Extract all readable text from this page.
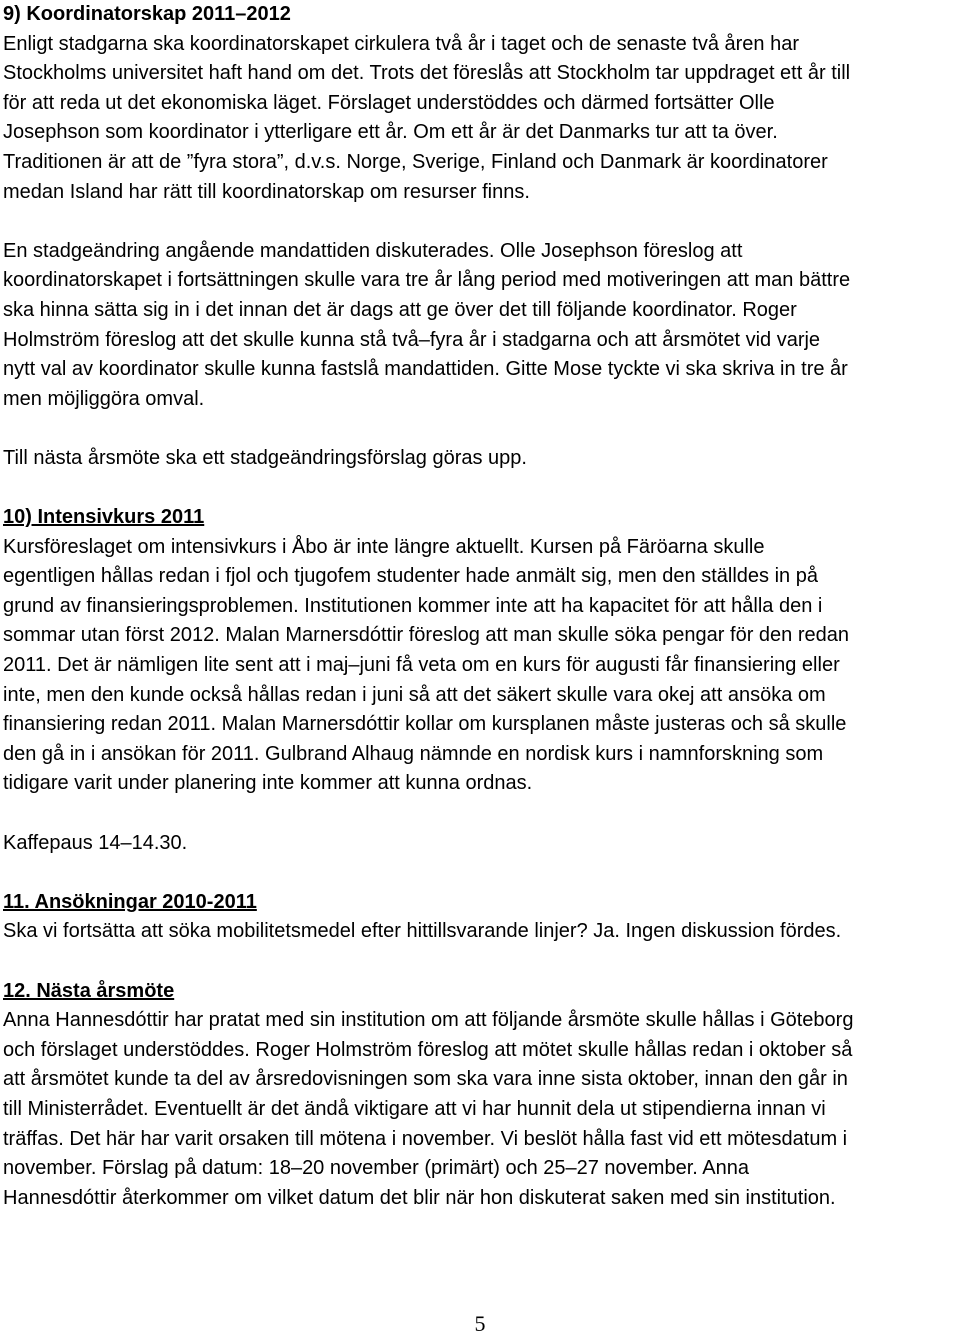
9) Koordinatorskap 2011–2012

Enligt stadgarna ska koordinatorskapet cirkulera två år i taget och de senaste två åren har

Stockholms universitet haft hand om det. Trots det föreslås att Stockholm tar uppdraget ett år till

för att reda ut det ekonomiska läget. Förslaget understöddes och därmed fortsätter Olle

Josephson som koordinator i ytterligare ett år. Om ett år är det Danmarks tur att ta över.

Traditionen är att de ”fyra stora”, d.v.s. Norge, Sverige, Finland och Danmark är koordinatorer

medan Island har rätt till koordinatorskap om resurser finns.

En stadgeändring angående mandattiden diskuterades. Olle Josephson föreslog att

koordinatorskapet i fortsättningen skulle vara tre år lång period med motiveringen att man bättre

ska hinna sätta sig in i det innan det är dags att ge över det till följande koordinator. Roger

Holmström föreslog att det skulle kunna stå två–fyra år i stadgarna och att årsmötet vid varje

nytt val av koordinator skulle kunna fastslå mandattiden. Gitte Mose tyckte vi ska skriva in tre år

men möjliggöra omval.

Till nästa årsmöte ska ett stadgeändringsförslag göras upp.

10) Intensivkurs 2011

Kursföreslaget om intensivkurs i Åbo är inte längre aktuellt. Kursen på Färöarna skulle

egentligen hållas redan i fjol och tjugofem studenter hade anmält sig, men den ställdes in på

grund av finansieringsproblemen. Institutionen kommer inte att ha kapacitet för att hålla den i

sommar utan först 2012. Malan Marnersdóttir föreslog att man skulle söka pengar för den redan

2011. Det är nämligen lite sent att i maj–juni få veta om en kurs för augusti får finansiering eller

inte, men den kunde också hållas redan i juni så att det säkert skulle vara okej att ansöka om

finansiering redan 2011. Malan Marnersdóttir kollar om kursplanen måste justeras och så skulle

den gå in i ansökan för 2011. Gulbrand Alhaug nämnde en nordisk kurs i namnforskning som

tidigare varit under planering inte kommer att kunna ordnas.

Kaffepaus 14–14.30.

11. Ansökningar 2010-2011

Ska vi fortsätta att söka mobilitetsmedel efter hittillsvarande linjer? Ja. Ingen diskussion fördes.

12. Nästa årsmöte

Anna Hannesdóttir har pratat med sin institution om att följande årsmöte skulle hållas i Göteborg

och förslaget understöddes. Roger Holmström föreslog att mötet skulle hållas redan i oktober så

att årsmötet kunde ta del av årsredovisningen som ska vara inne sista oktober, innan den går in

till Ministerrådet. Eventuellt är det ändå viktigare att vi har hunnit dela ut stipendierna innan vi

träffas. Det här har varit orsaken till mötena i november. Vi beslöt hålla fast vid ett mötesdatum i

november. Förslag på datum: 18–20 november (primärt) och 25–27 november. Anna

Hannesdóttir återkommer om vilket datum det blir när hon diskuterat saken med sin institution.

5
